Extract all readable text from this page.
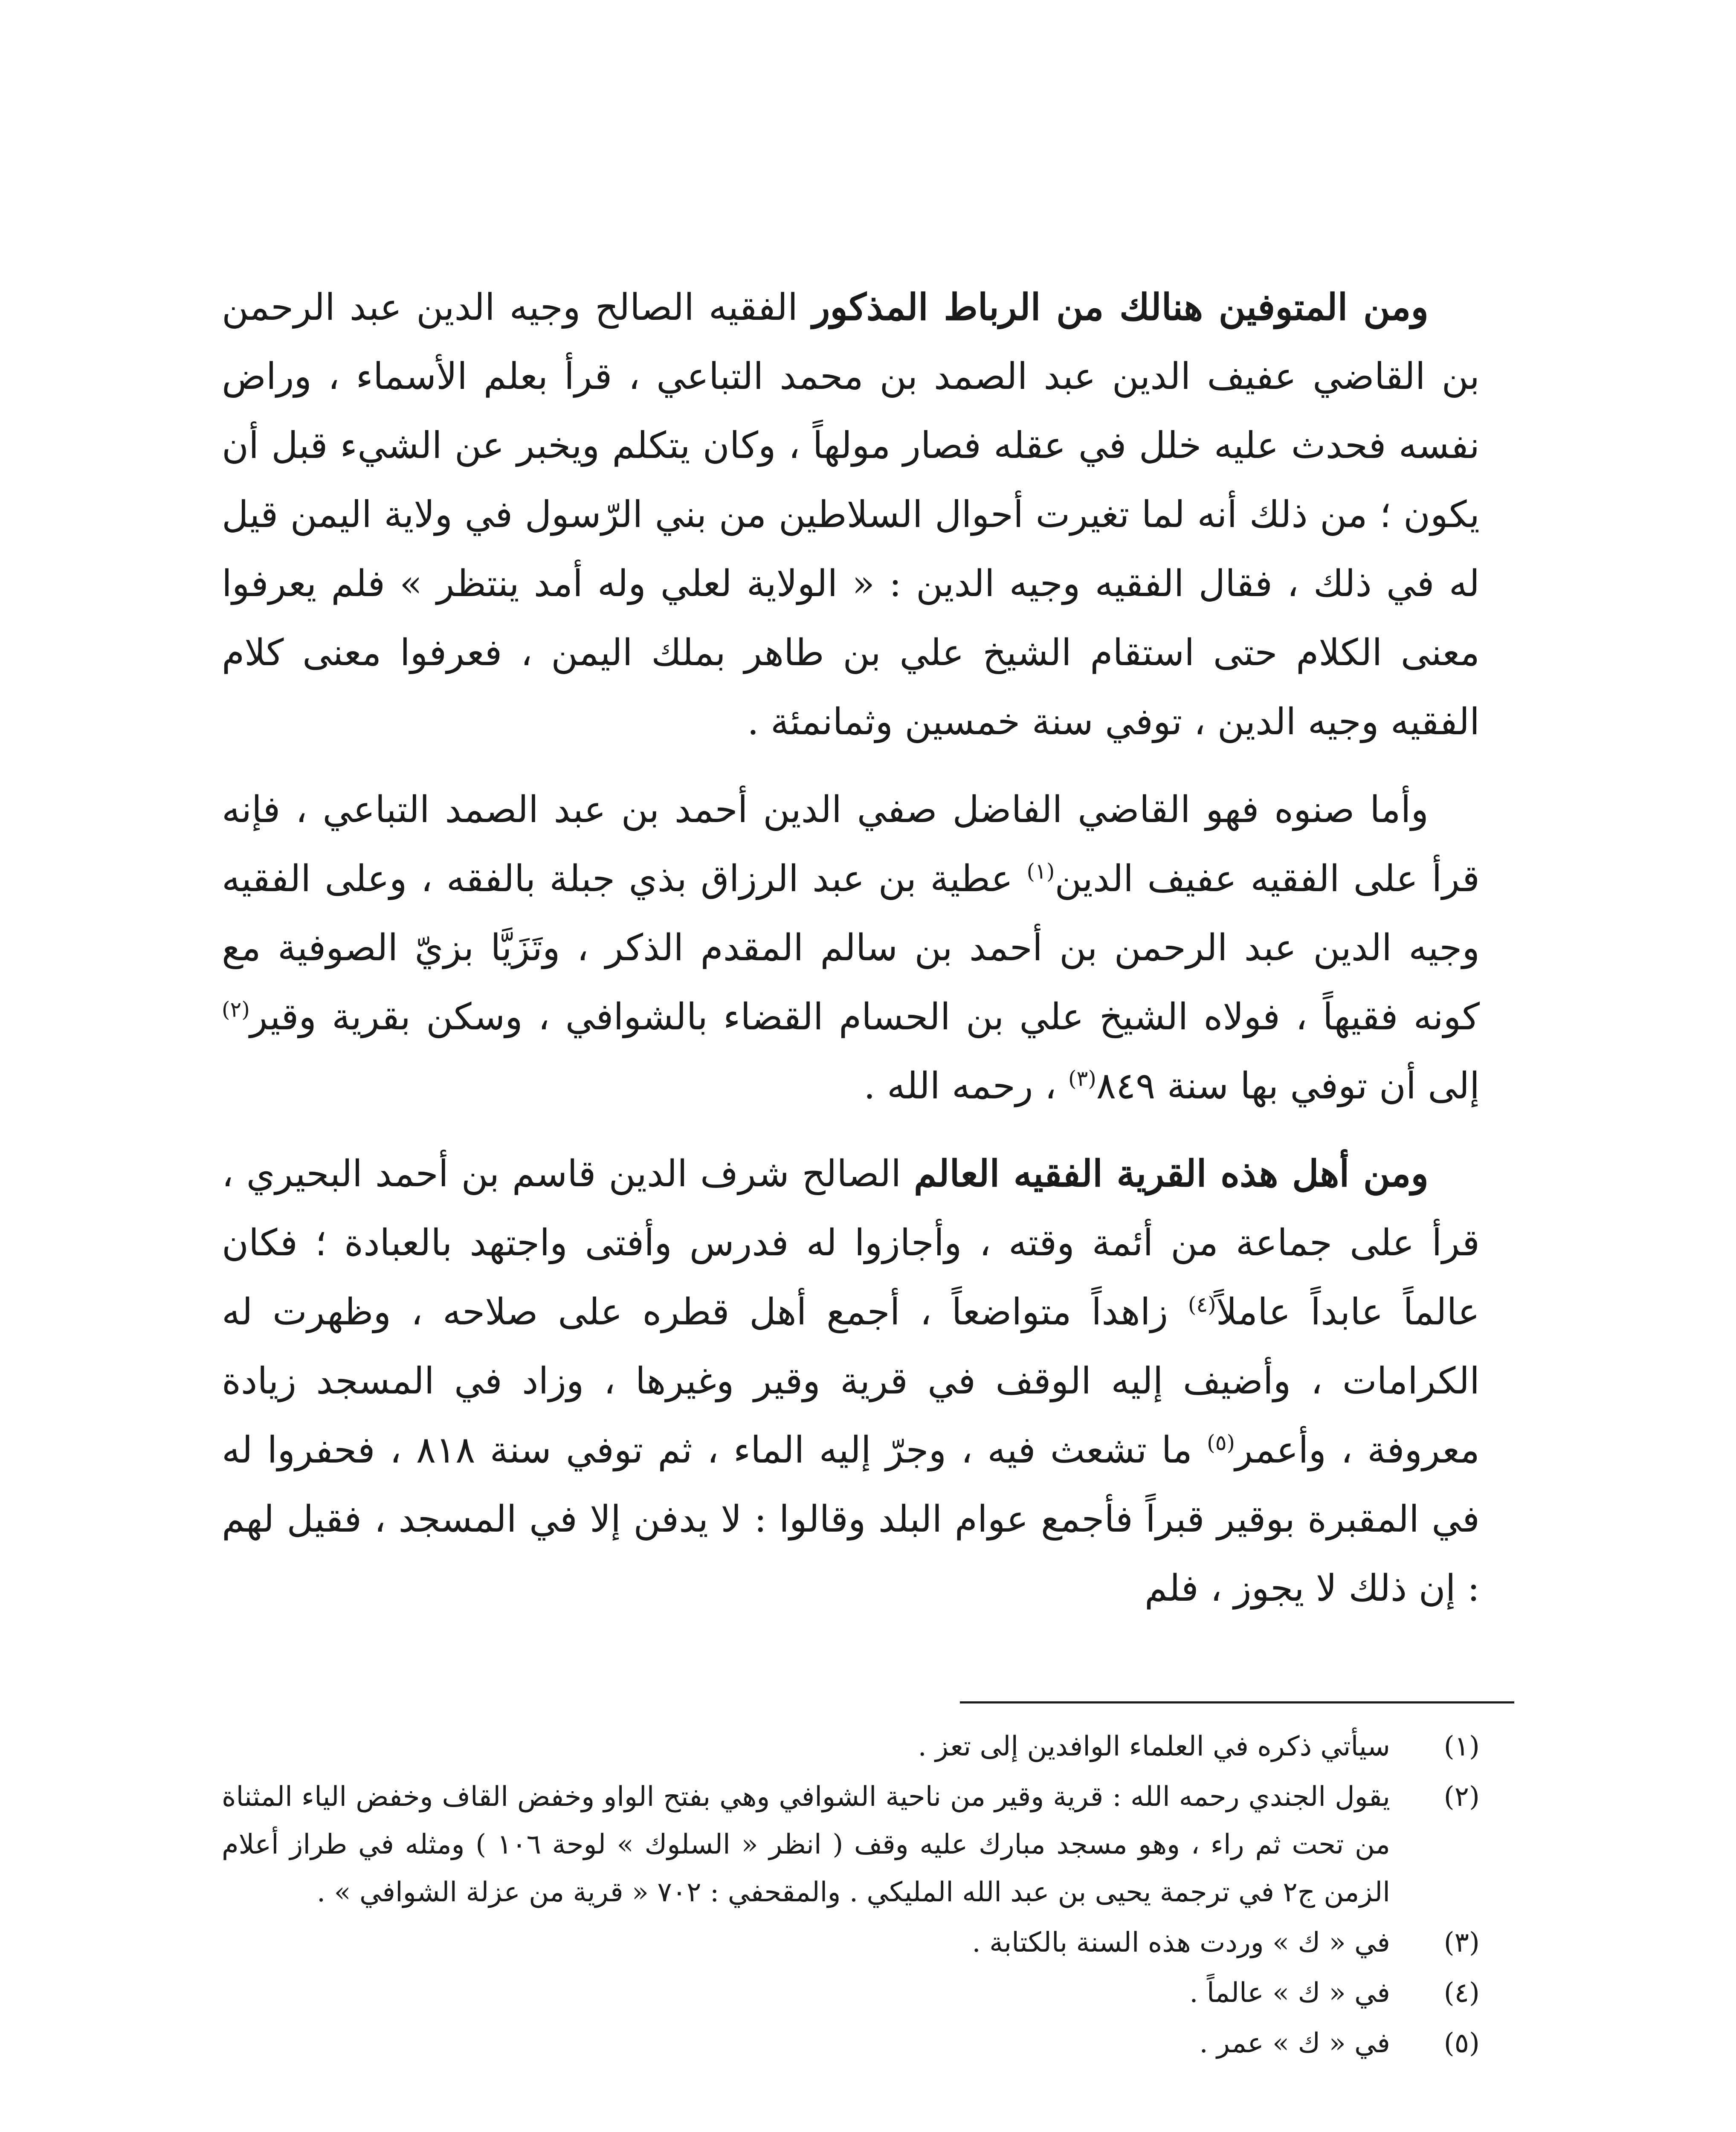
ومن المتوفين هنالك من الرباط المذكور الفقيه الصالح وجيه الدين عبد الرحمن بن القاضي عفيف الدين عبد الصمد بن محمد التباعي ، قرأ بعلم الأسماء ، وراض نفسه فحدث عليه خلل في عقله فصار مولهاً ، وكان يتكلم ويخبر عن الشيء قبل أن يكون ؛ من ذلك أنه لما تغيرت أحوال السلاطين من بني الرّسول في ولاية اليمن قيل له في ذلك ، فقال الفقيه وجيه الدين : « الولاية لعلي وله أمد ينتظر » فلم يعرفوا معنى الكلام حتى استقام الشيخ علي بن طاهر بملك اليمن ، فعرفوا معنى كلام الفقيه وجيه الدين ، توفي سنة خمسين وثمانمئة .

وأما صنوه فهو القاضي الفاضل صفي الدين أحمد بن عبد الصمد التباعي ، فإنه قرأ على الفقيه عفيف الدين$^{(١)}$ عطية بن عبد الرزاق بذي جبلة بالفقه ، وعلى الفقيه وجيه الدين عبد الرحمن بن أحمد بن سالم المقدم الذكر ، وتَزَيَّا بزيّ الصوفية مع كونه فقيهاً ، فولاه الشيخ علي بن الحسام القضاء بالشوافي ، وسكن بقرية وقير$^{(٢)}$ إلى أن توفي بها سنة ٨٤٩$^{(٣)}$ ، رحمه الله .

ومن أهل هذه القرية الفقيه العالم الصالح شرف الدين قاسم بن أحمد البحيري ، قرأ على جماعة من أئمة وقته ، وأجازوا له فدرس وأفتى واجتهد بالعبادة ؛ فكان عالماً عابداً عاملاً$^{(٤)}$ زاهداً متواضعاً ، أجمع أهل قطره على صلاحه ، وظهرت له الكرامات ، وأضيف إليه الوقف في قرية وقير وغيرها ، وزاد في المسجد زيادة معروفة ، وأعمر$^{(٥)}$ ما تشعث فيه ، وجرّ إليه الماء ، ثم توفي سنة ٨١٨ ، فحفروا له في المقبرة بوقير قبراً فأجمع عوام البلد وقالوا : لا يدفن إلا في المسجد ، فقيل لهم : إن ذلك لا يجوز ، فلم

(١)
سيأتي ذكره في العلماء الوافدين إلى تعز .
(٢)
يقول الجندي رحمه الله : قرية وقير من ناحية الشوافي وهي بفتح الواو وخفض القاف وخفض الياء المثناة من تحت ثم راء ، وهو مسجد مبارك عليه وقف ( انظر « السلوك » لوحة ١٠٦ ) ومثله في طراز أعلام الزمن ج٢ في ترجمة يحيى بن عبد الله المليكي . والمقحفي : ٧٠٢ « قرية من عزلة الشوافي » .
(٣)
في « ك » وردت هذه السنة بالكتابة .
(٤)
في « ك » عالماً .
(٥)
في « ك » عمر .
